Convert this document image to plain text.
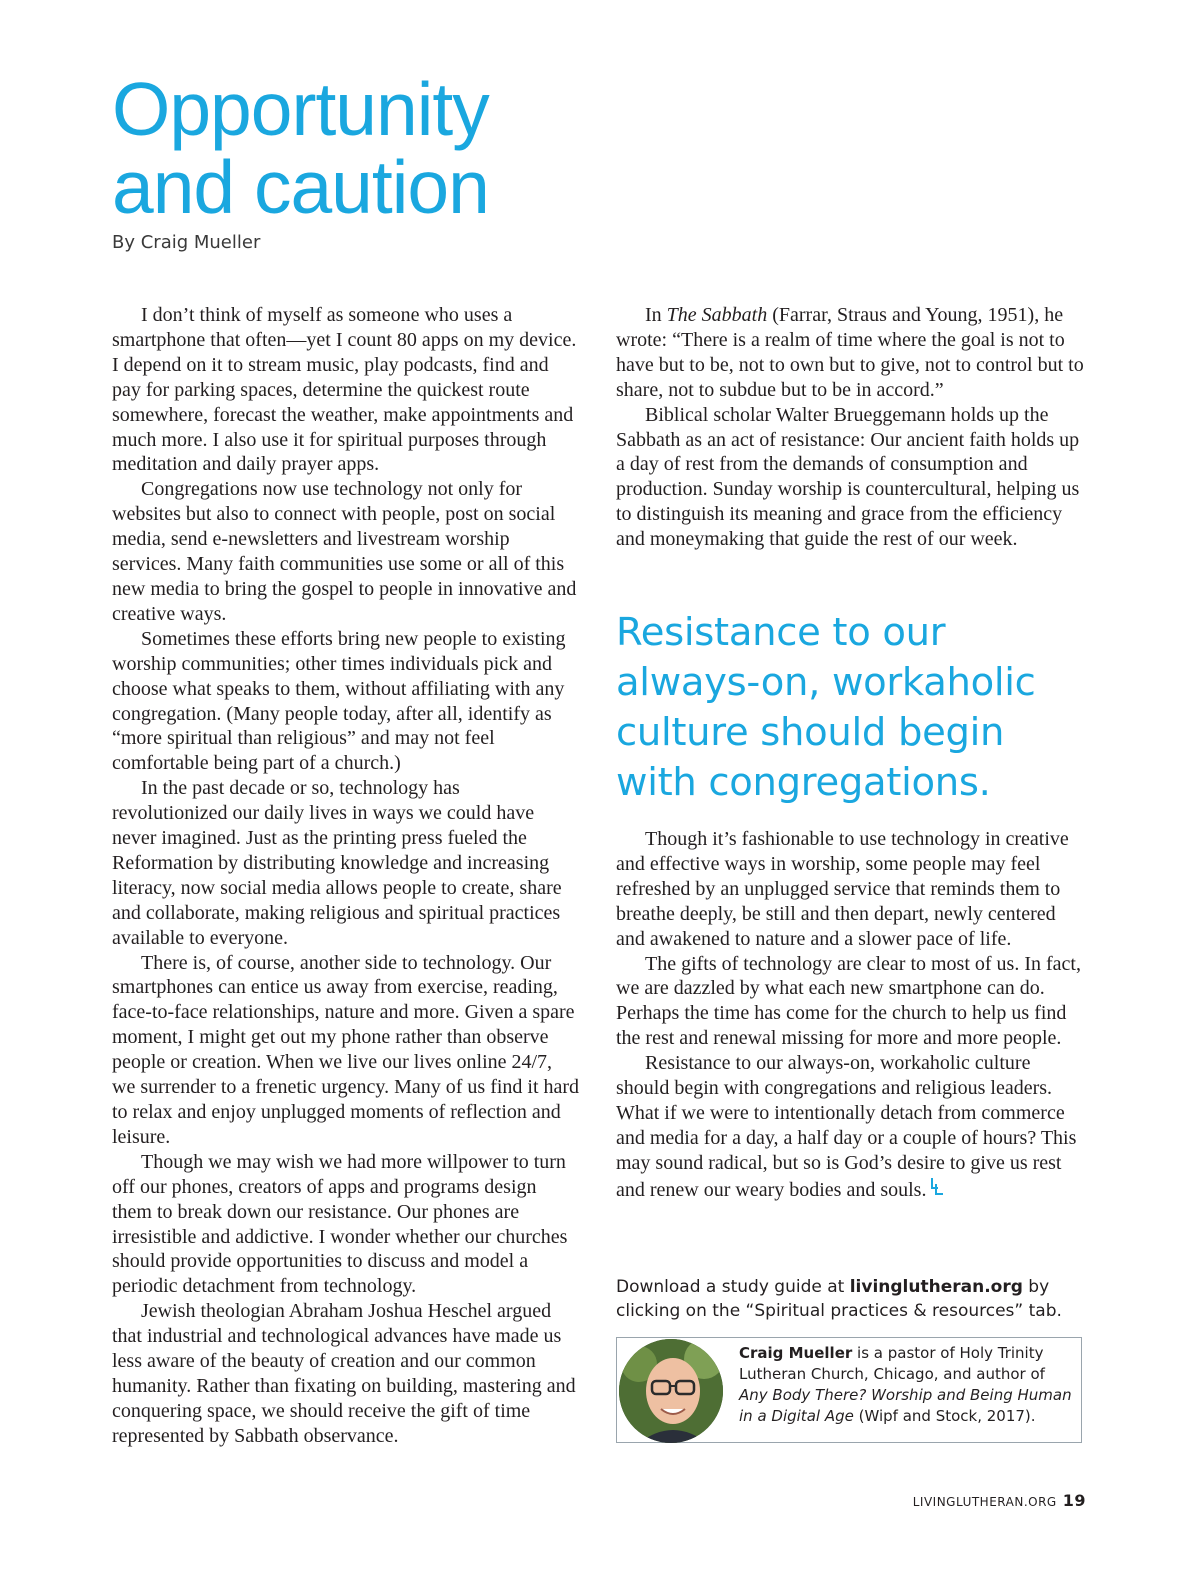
Opportunity
and caution
By Craig Mueller

I don’t think of myself as someone who uses a smartphone that often—yet I count 80 apps on my device. I depend on it to stream music, play podcasts, find and pay for parking spaces, determine the quickest route somewhere, forecast the weather, make appointments and much more. I also use it for spiritual purposes through meditation and daily prayer apps.

Congregations now use technology not only for websites but also to connect with people, post on social media, send e-newsletters and livestream worship services. Many faith communities use some or all of this new media to bring the gospel to people in innovative and creative ways.

Sometimes these efforts bring new people to existing worship communities; other times individuals pick and choose what speaks to them, without affiliating with any congregation. (Many people today, after all, identify as “more spiritual than religious” and may not feel comfortable being part of a church.)

In the past decade or so, technology has revolutionized our daily lives in ways we could have never imagined. Just as the printing press fueled the Reformation by distributing knowledge and increasing literacy, now social media allows people to create, share and collaborate, making religious and spiritual practices available to everyone.

There is, of course, another side to technology. Our smartphones can entice us away from exercise, reading, face-to-face relationships, nature and more. Given a spare moment, I might get out my phone rather than observe people or creation. When we live our lives online 24/7, we surrender to a frenetic urgency. Many of us find it hard to relax and enjoy unplugged moments of reflection and leisure.

Though we may wish we had more willpower to turn off our phones, creators of apps and programs design them to break down our resistance. Our phones are irresistible and addictive. I wonder whether our churches should provide opportunities to discuss and model a periodic detachment from technology.

Jewish theologian Abraham Joshua Heschel argued that industrial and technological advances have made us less aware of the beauty of creation and our common humanity. Rather than fixating on building, mastering and conquering space, we should receive the gift of time represented by Sabbath observance.

In The Sabbath (Farrar, Straus and Young, 1951), he wrote: “There is a realm of time where the goal is not to have but to be, not to own but to give, not to control but to share, not to subdue but to be in accord.”

Biblical scholar Walter Brueggemann holds up the Sabbath as an act of resistance: Our ancient faith holds up a day of rest from the demands of consumption and production. Sunday worship is countercultural, helping us to distinguish its meaning and grace from the efficiency and moneymaking that guide the rest of our week.

Resistance to our always-on, workaholic culture should begin with congregations.

Though it’s fashionable to use technology in creative and effective ways in worship, some people may feel refreshed by an unplugged service that reminds them to breathe deeply, be still and then depart, newly centered and awakened to nature and a slower pace of life.

The gifts of technology are clear to most of us. In fact, we are dazzled by what each new smartphone can do. Perhaps the time has come for the church to help us find the rest and renewal missing for more and more people.

Resistance to our always-on, workaholic culture should begin with congregations and religious leaders. What if we were to intentionally detach from commerce and media for a day, a half day or a couple of hours? This may sound radical, but so is God’s desire to give us rest and renew our weary bodies and souls.

Download a study guide at livinglutheran.org by clicking on the “Spiritual practices & resources” tab.
Craig Mueller is a pastor of Holy Trinity Lutheran Church, Chicago, and author of Any Body There? Worship and Being Human in a Digital Age (Wipf and Stock, 2017).
LIVINGLUTHERAN.ORG 19
